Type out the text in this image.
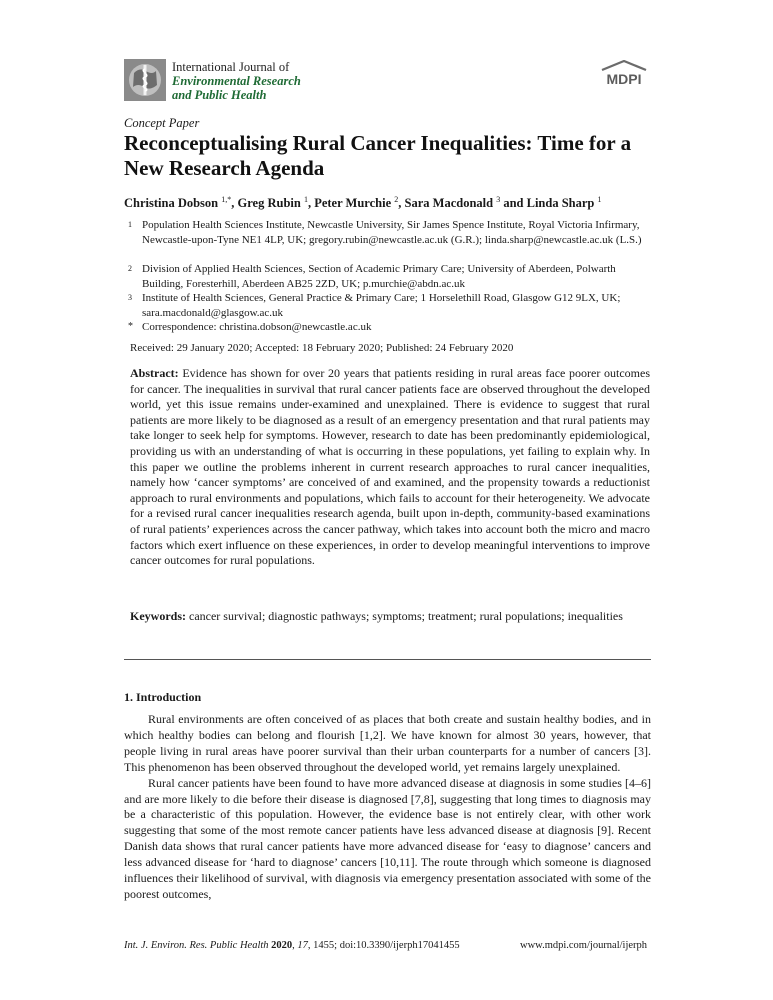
International Journal of
Environmental Research
and Public Health
MDPI
Concept Paper
Reconceptualising Rural Cancer Inequalities: Time for a New Research Agenda
Christina Dobson $^{1,*}$, Greg Rubin $^1$, Peter Murchie $^2$, Sara Macdonald $^3$ and Linda Sharp $^1$
1 Population Health Sciences Institute, Newcastle University, Sir James Spence Institute, Royal Victoria Infirmary, Newcastle-upon-Tyne NE1 4LP, UK; gregory.rubin@newcastle.ac.uk (G.R.); linda.sharp@newcastle.ac.uk (L.S.)
2 Division of Applied Health Sciences, Section of Academic Primary Care; University of Aberdeen, Polwarth Building, Foresterhill, Aberdeen AB25 2ZD, UK; p.murchie@abdn.ac.uk
3 Institute of Health Sciences, General Practice & Primary Care; 1 Horselethill Road, Glasgow G12 9LX, UK; sara.macdonald@glasgow.ac.uk
* Correspondence: christina.dobson@newcastle.ac.uk
Received: 29 January 2020; Accepted: 18 February 2020; Published: 24 February 2020
Abstract: Evidence has shown for over 20 years that patients residing in rural areas face poorer outcomes for cancer. The inequalities in survival that rural cancer patients face are observed throughout the developed world, yet this issue remains under-examined and unexplained. There is evidence to suggest that rural patients are more likely to be diagnosed as a result of an emergency presentation and that rural patients may take longer to seek help for symptoms. However, research to date has been predominantly epidemiological, providing us with an understanding of what is occurring in these populations, yet failing to explain why. In this paper we outline the problems inherent in current research approaches to rural cancer inequalities, namely how ‘cancer symptoms’ are conceived of and examined, and the propensity towards a reductionist approach to rural environments and populations, which fails to account for their heterogeneity. We advocate for a revised rural cancer inequalities research agenda, built upon in-depth, community-based examinations of rural patients’ experiences across the cancer pathway, which takes into account both the micro and macro factors which exert influence on these experiences, in order to develop meaningful interventions to improve cancer outcomes for rural populations.
Keywords: cancer survival; diagnostic pathways; symptoms; treatment; rural populations; inequalities
1. Introduction

Rural environments are often conceived of as places that both create and sustain healthy bodies, and in which healthy bodies can belong and flourish [1,2]. We have known for almost 30 years, however, that people living in rural areas have poorer survival than their urban counterparts for a number of cancers [3]. This phenomenon has been observed throughout the developed world, yet remains largely unexplained.

Rural cancer patients have been found to have more advanced disease at diagnosis in some studies [4–6] and are more likely to die before their disease is diagnosed [7,8], suggesting that long times to diagnosis may be a characteristic of this population. However, the evidence base is not entirely clear, with other work suggesting that some of the most remote cancer patients have less advanced disease at diagnosis [9]. Recent Danish data shows that rural cancer patients have more advanced disease for ‘easy to diagnose’ cancers and less advanced disease for ‘hard to diagnose’ cancers [10,11]. The route through which someone is diagnosed influences their likelihood of survival, with diagnosis via emergency presentation associated with some of the poorest outcomes,

Int. J. Environ. Res. Public Health 2020, 17, 1455; doi:10.3390/ijerph17041455	www.mdpi.com/journal/ijerph
